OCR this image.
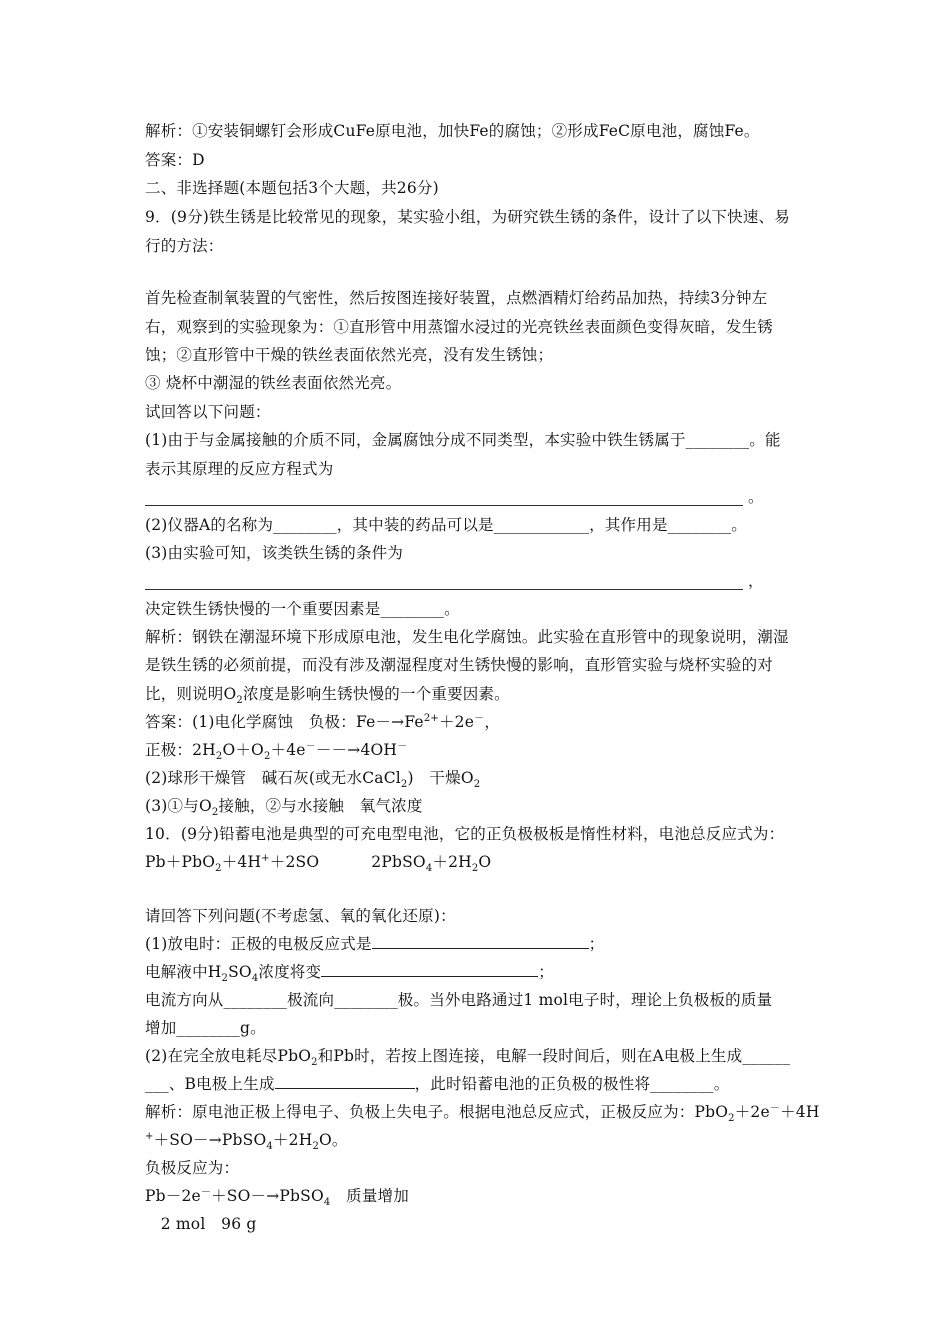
解析：①安装铜螺钉会形成CuFe原电池，加快Fe的腐蚀；②形成FeC原电池，腐蚀Fe。
答案：D
二、非选择题(本题包括3个大题，共26分)
9．(9分)铁生锈是比较常见的现象，某实验小组，为研究铁生锈的条件，设计了以下快速、易
行的方法：
首先检查制氧装置的气密性，然后按图连接好装置，点燃酒精灯给药品加热，持续3分钟左
右，观察到的实验现象为：①直形管中用蒸馏水浸过的光亮铁丝表面颜色变得灰暗，发生锈
蚀；②直形管中干燥的铁丝表面依然光亮，没有发生锈蚀；
③ 烧杯中潮湿的铁丝表面依然光亮。
试回答以下问题：
(1)由于与金属接触的介质不同，金属腐蚀分成不同类型，本实验中铁生锈属于________。能
表示其原理的反应方程式为
。
(2)仪器A的名称为________，其中装的药品可以是____________，其作用是________。
(3)由实验可知，该类铁生锈的条件为
，
决定铁生锈快慢的一个重要因素是________。
解析：钢铁在潮湿环境下形成原电池，发生电化学腐蚀。此实验在直形管中的现象说明，潮湿
是铁生锈的必须前提，而没有涉及潮湿程度对生锈快慢的影响，直形管实验与烧杯实验的对
比，则说明$O_2$浓度是影响生锈快慢的一个重要因素。
答案：(1)电化学腐蚀　负极：$Fe-\to Fe^{2+}+2e^-$，
正极：$2H_2O+O_2+4e^---\to 4OH^-$
(2)球形干燥管　碱石灰(或无水CaCl$_2$)　干燥$O_2$
(3)①与$O_2$接触，②与水接触　氧气浓度
10．(9分)铅蓄电池是典型的可充电型电池，它的正负极极板是惰性材料，电池总反应式为：
Pb＋PbO$_2$＋4H+＋2SO	$2PbSO_4+2H_2O$
请回答下列问题(不考虑氢、氧的氧化还原)：
(1)放电时：正极的电极反应式是	；
电解液中$H_2SO_4$浓度将变	；
电流方向从________极流向________极。当外电路通过1 mol电子时，理论上负极板的质量
增加________g。
(2)在完全放电耗尽PbO$_2$和Pb时，若按上图连接，电解一段时间后，则在A电极上生成______
___、B电极上生成	，此时铅蓄电池的正负极的极性将________。
解析：原电池正极上得电子、负极上失电子。根据电池总反应式，正极反应为：PbO$_2$＋2e－＋4H
$^++SO-\to PbSO_4+2H_2O$。
负极反应为：
Pb－2e－＋SO－→PbSO$_4$　质量增加
　2 mol　96 g
